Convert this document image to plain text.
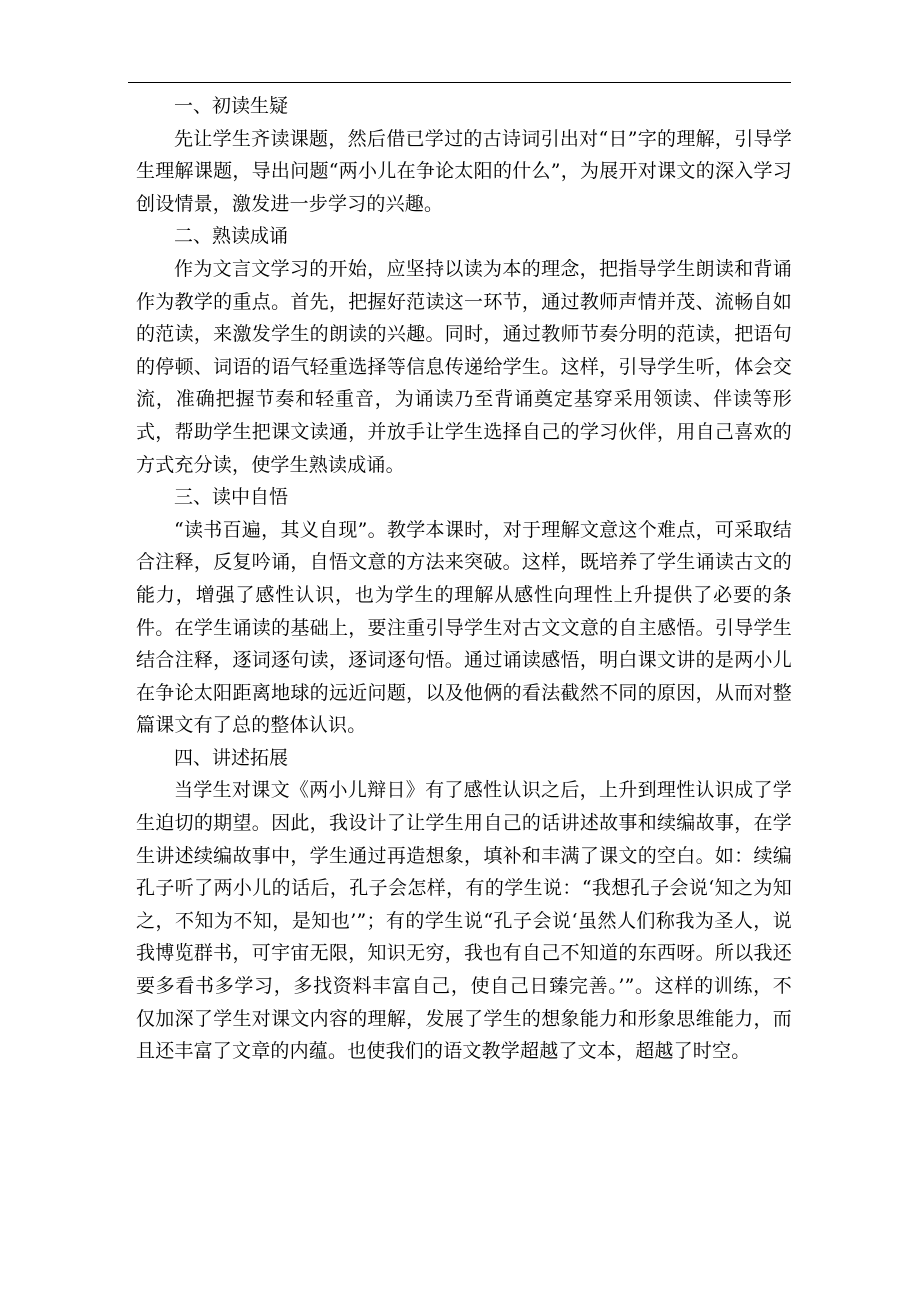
一、初读生疑

先让学生齐读课题，然后借已学过的古诗词引出对“日”字的理解，引导学生理解课题，导出问题“两小儿在争论太阳的什么”，为展开对课文的深入学习创设情景，激发进一步学习的兴趣。

二、熟读成诵

作为文言文学习的开始，应坚持以读为本的理念，把指导学生朗读和背诵作为教学的重点。首先，把握好范读这一环节，通过教师声情并茂、流畅自如的范读，来激发学生的朗读的兴趣。同时，通过教师节奏分明的范读，把语句的停顿、词语的语气轻重选择等信息传递给学生。这样，引导学生听，体会交流，准确把握节奏和轻重音，为诵读乃至背诵奠定基穿采用领读、伴读等形式，帮助学生把课文读通，并放手让学生选择自己的学习伙伴，用自己喜欢的方式充分读，使学生熟读成诵。

三、读中自悟

“读书百遍，其义自现”。教学本课时，对于理解文意这个难点，可采取结合注释，反复吟诵，自悟文意的方法来突破。这样，既培养了学生诵读古文的能力，增强了感性认识，也为学生的理解从感性向理性上升提供了必要的条件。在学生诵读的基础上，要注重引导学生对古文文意的自主感悟。引导学生结合注释，逐词逐句读，逐词逐句悟。通过诵读感悟，明白课文讲的是两小儿在争论太阳距离地球的远近问题，以及他俩的看法截然不同的原因，从而对整篇课文有了总的整体认识。

四、讲述拓展

当学生对课文《两小儿辩日》有了感性认识之后，上升到理性认识成了学生迫切的期望。因此，我设计了让学生用自己的话讲述故事和续编故事，在学生讲述续编故事中，学生通过再造想象，填补和丰满了课文的空白。如：续编孔子听了两小儿的话后，孔子会怎样，有的学生说：“我想孔子会说‘知之为知之，不知为不知，是知也’”；有的学生说“孔子会说‘虽然人们称我为圣人，说我博览群书，可宇宙无限，知识无穷，我也有自己不知道的东西呀。所以我还要多看书多学习，多找资料丰富自己，使自己日臻完善。’”。这样的训练，不仅加深了学生对课文内容的理解，发展了学生的想象能力和形象思维能力，而且还丰富了文章的内蕴。也使我们的语文教学超越了文本，超越了时空。
